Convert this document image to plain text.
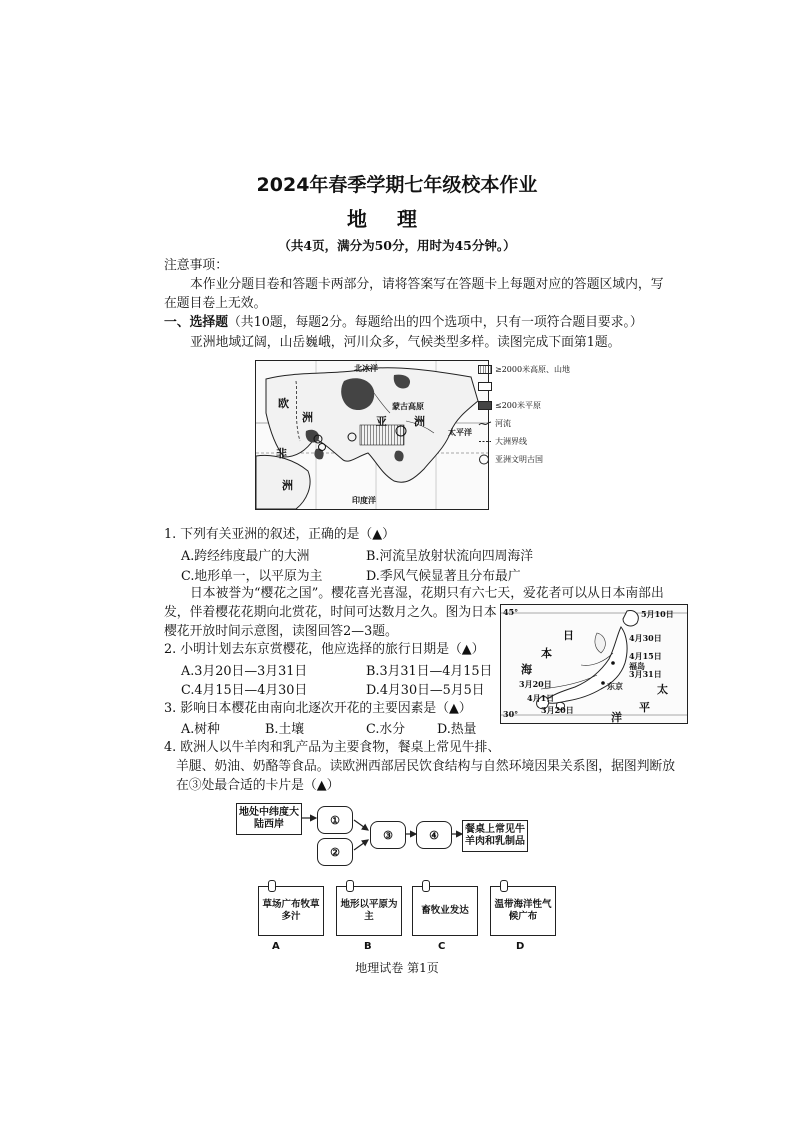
2024年春季学期七年级校本作业
地理
（共4页，满分为50分，用时为45分钟。）
注意事项：
本作业分题目卷和答题卡两部分，请将答案写在答题卡上每题对应的答题区域内，写
在题目卷上无效。
一、选择题（共10题，每题2分。每题给出的四个选项中，只有一项符合题目要求。）
亚洲地域辽阔，山岳巍峨，河川众多，气候类型多样。读图完成下面第1题。
北冰洋
欧
洲
非
洲
亚 洲
蒙古高原
太平洋
印度洋
≥2000米高原、山地
≤200米平原
河流
大洲界线
亚洲文明古国
1. 下列有关亚洲的叙述，正确的是（▲）
A.跨经纬度最广的大洲	B.河流呈放射状流向四周海洋
C.地形单一，以平原为主	D.季风气候显著且分布最广
日本被誉为“樱花之国”。樱花喜光喜湿，花期只有六七天，爱花者可以从日本南部出
发，伴着樱花花期向北赏花，时间可达数月之久。图为日本
樱花开放时间示意图，读图回答2—3题。
45°
30°
日
本
海
太
平
洋
5月10日
4月30日
4月15日
3月31日
3月20日
4月1日
3月20日
福岛
东京
2. 小明计划去东京赏樱花，他应选择的旅行日期是（▲）
A.3月20日—3月31日	B.3月31日—4月15日
C.4月15日—4月30日	D.4月30日—5月5日
3. 影响日本樱花由南向北逐次开花的主要因素是（▲）
A.树种	B.土壤	C.水分	D.热量
4. 欧洲人以牛羊肉和乳产品为主要食物，餐桌上常见牛排、
羊腿、奶油、奶酪等食品。读欧洲西部居民饮食结构与自然环境因果关系图，据图判断放
在③处最合适的卡片是（▲）
地处中纬度大陆西岸	①
②
③	④	餐桌上常见牛羊肉和乳制品
草场广布牧草多汁
A
地形以平原为主
B
畜牧业发达
C
温带海洋性气候广布
D
地理试卷 第1页
